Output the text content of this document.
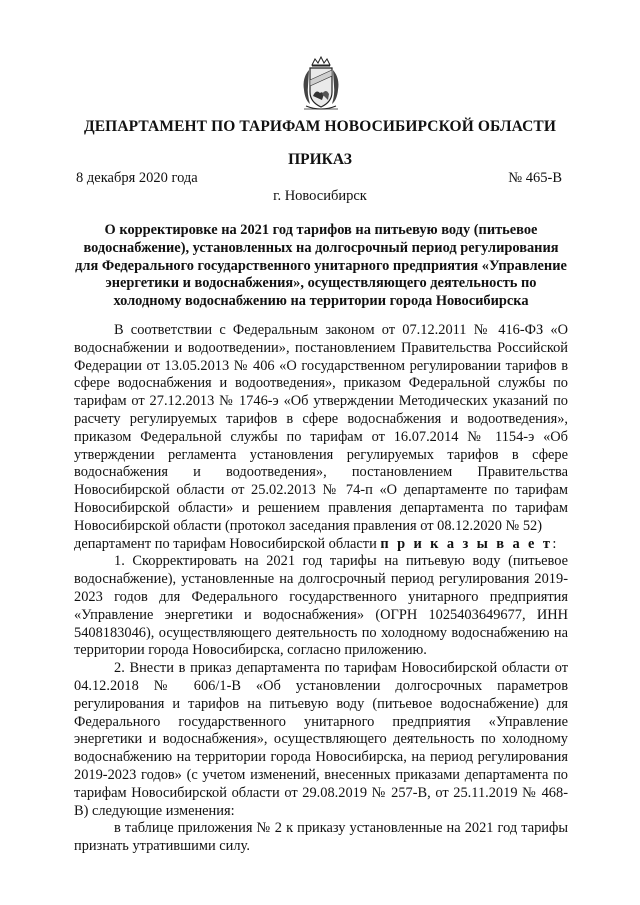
ДЕПАРТАМЕНТ ПО ТАРИФАМ НОВОСИБИРСКОЙ ОБЛАСТИ
ПРИКАЗ
8 декабря 2020 года	№ 465-В
г. Новосибирск

О корректировке на 2021 год тарифов на питьевую воду (питьевое водоснабжение), установленных на долгосрочный период регулирования для Федерального государственного унитарного предприятия «Управление энергетики и водоснабжения», осуществляющего деятельность по холодному водоснабжению на территории города Новосибирска

В соответствии с Федеральным законом от 07.12.2011 № 416-ФЗ «О водоснабжении и водоотведении», постановлением Правительства Российской Федерации от 13.05.2013 № 406 «О государственном регулировании тарифов в сфере водоснабжения и водоотведения», приказом Федеральной службы по тарифам от 27.12.2013 № 1746-э «Об утверждении Методических указаний по расчету регулируемых тарифов в сфере водоснабжения и водоотведения», приказом Федеральной службы по тарифам от 16.07.2014 № 1154-э «Об утверждении регламента установления регулируемых тарифов в сфере водоснабжения и водоотведения», постановлением Правительства Новосибирской области от 25.02.2013 № 74-п «О департаменте по тарифам Новосибирской области» и решением правления департамента по тарифам Новосибирской области (протокол заседания правления от 08.12.2020 № 52)

департамент по тарифам Новосибирской области п р и к а з ы в а е т:

1. Скорректировать на 2021 год тарифы на питьевую воду (питьевое водоснабжение), установленные на долгосрочный период регулирования 2019-2023 годов для Федерального государственного унитарного предприятия «Управление энергетики и водоснабжения» (ОГРН 1025403649677, ИНН 5408183046), осуществляющего деятельность по холодному водоснабжению на территории города Новосибирска, согласно приложению.

2. Внести в приказ департамента по тарифам Новосибирской области от 04.12.2018 № 606/1-В «Об установлении долгосрочных параметров регулирования и тарифов на питьевую воду (питьевое водоснабжение) для Федерального государственного унитарного предприятия «Управление энергетики и водоснабжения», осуществляющего деятельность по холодному водоснабжению на территории города Новосибирска, на период регулирования 2019-2023 годов» (с учетом изменений, внесенных приказами департамента по тарифам Новосибирской области от 29.08.2019 № 257-В, от 25.11.2019 № 468-В) следующие изменения:

в таблице приложения № 2 к приказу установленные на 2021 год тарифы признать утратившими силу.
